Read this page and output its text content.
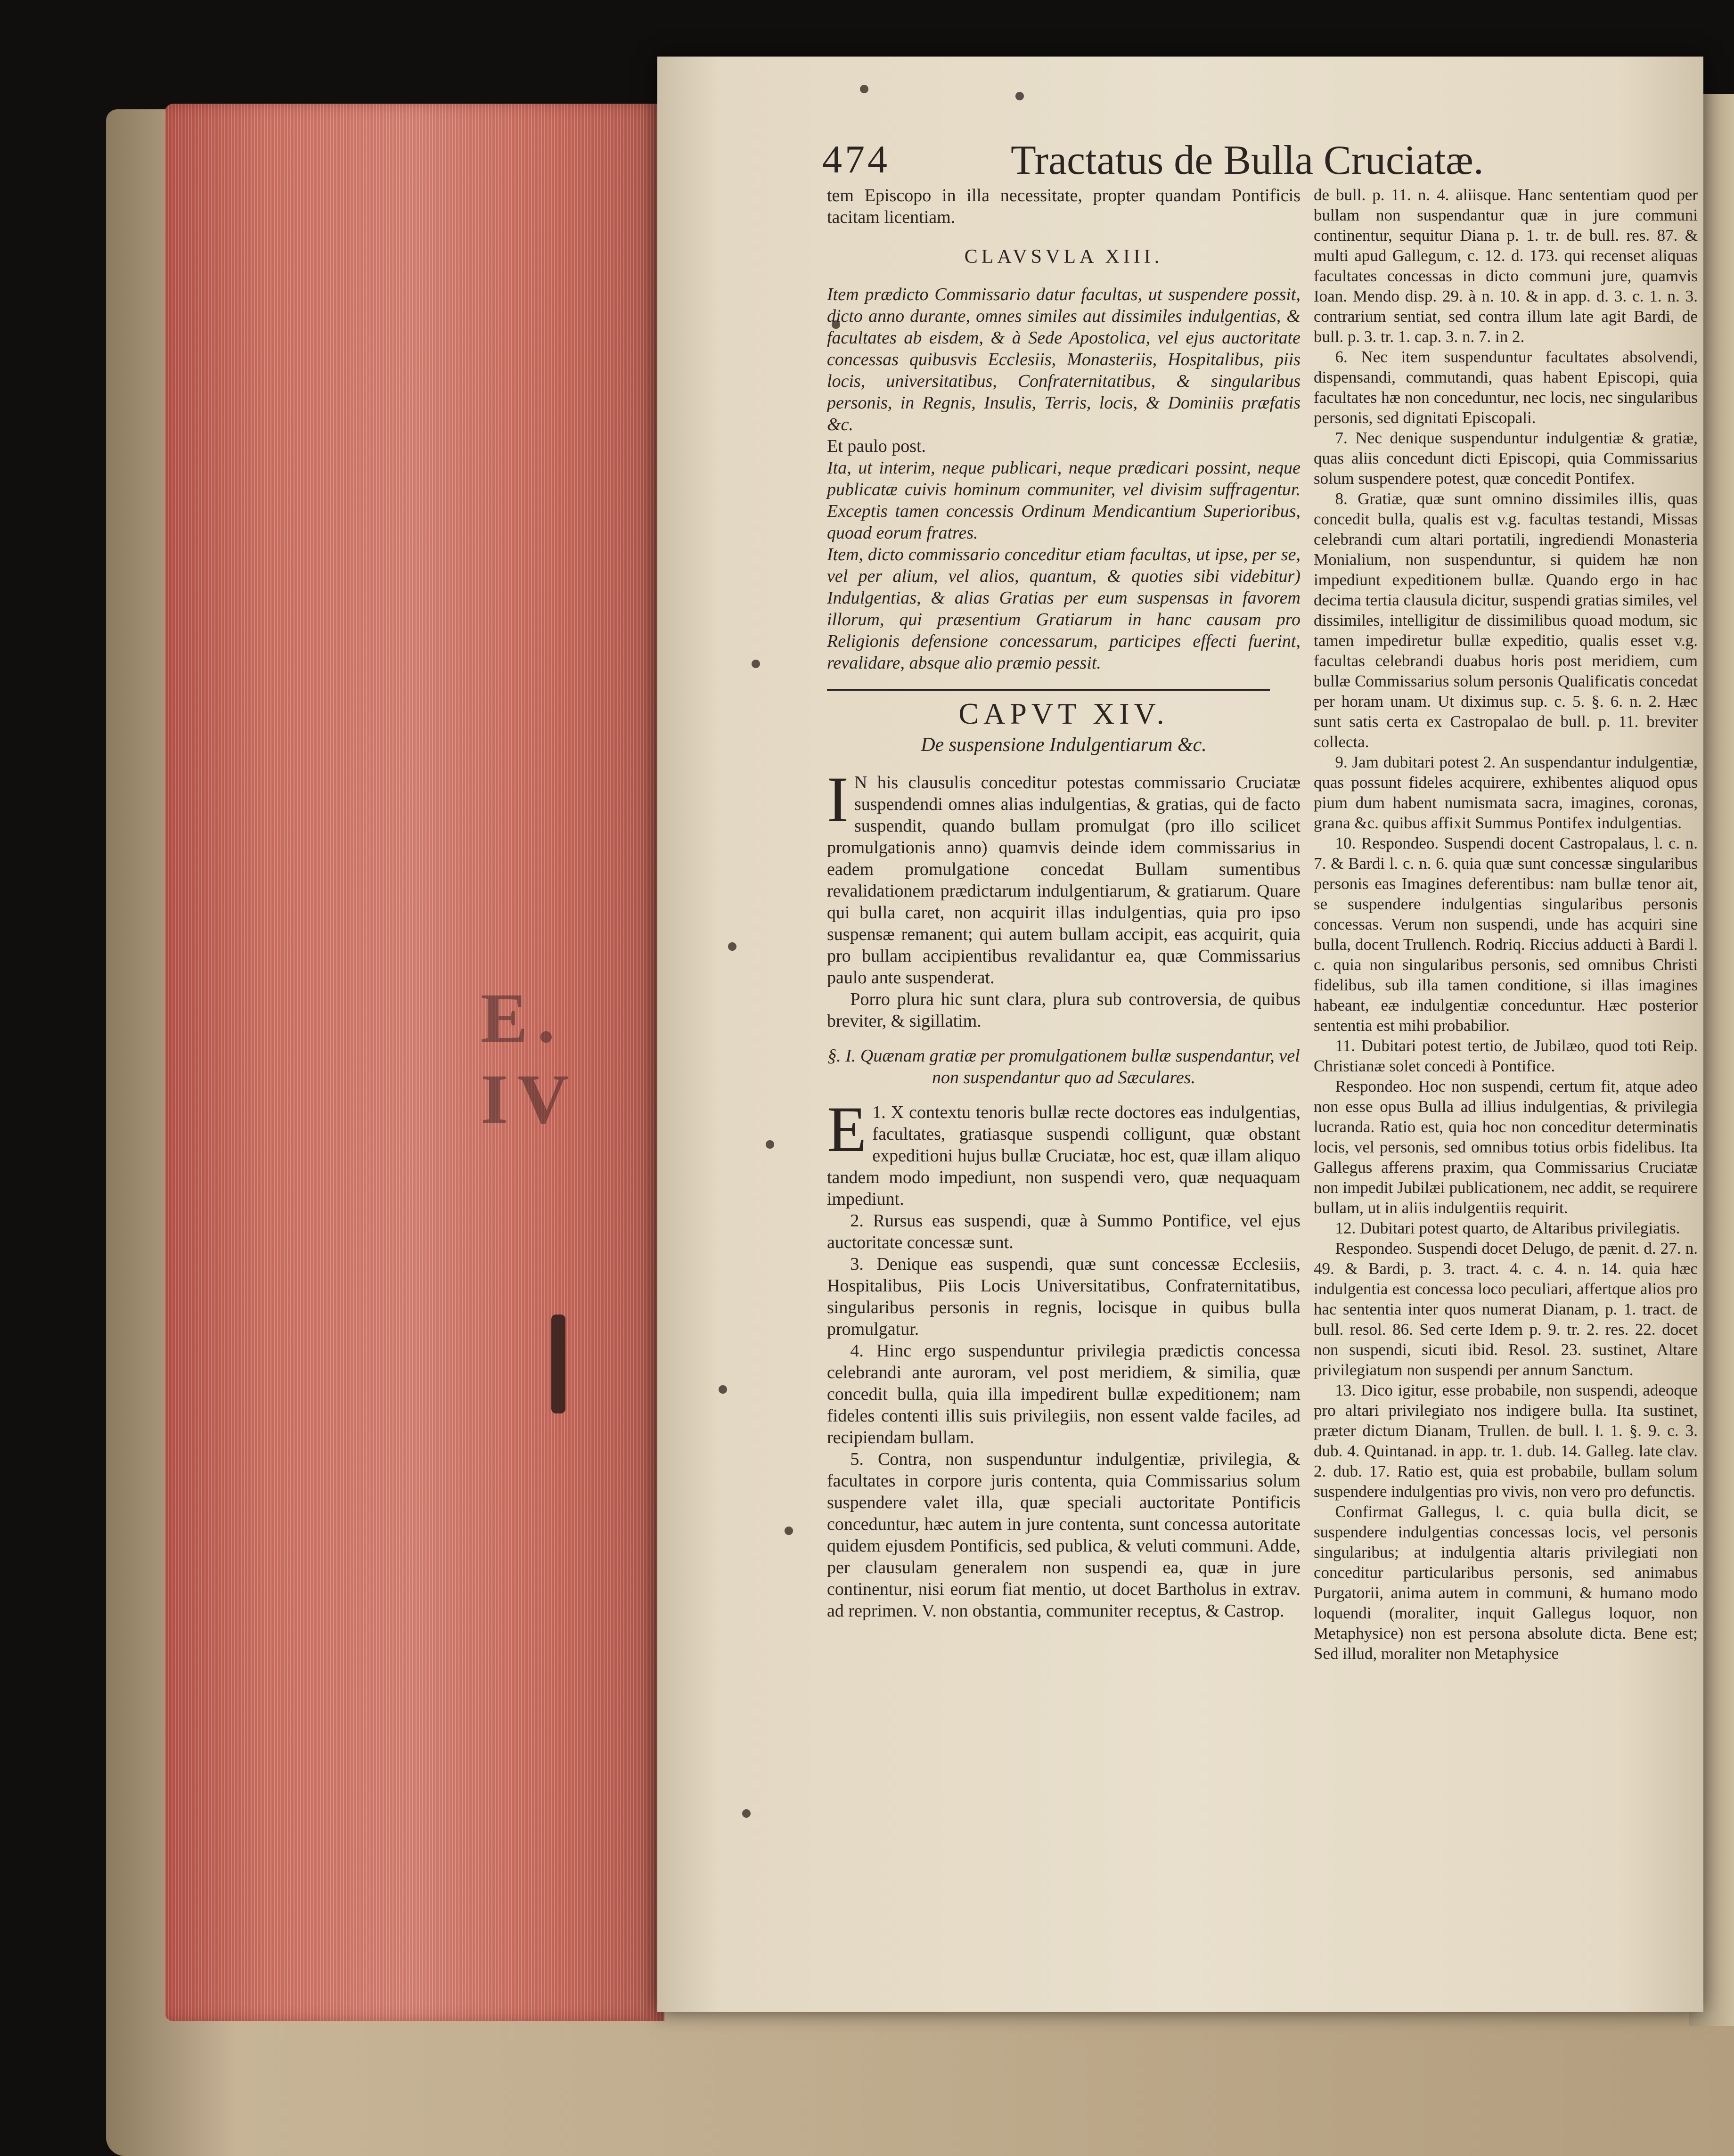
E. IV
474	Tractatus de Bulla Cruciatæ.

tem Episcopo in illa necessitate, propter quandam Pontificis tacitam licentiam.

CLAVSVLA XIII.

Item prædicto Commissario datur facultas, ut suspendere possit, dicto anno durante, omnes similes aut dissimiles indulgentias, & facultates ab eisdem, & à Sede Apostolica, vel ejus auctoritate concessas quibusvis Ecclesiis, Monasteriis, Hospitalibus, piis locis, universitatibus, Confraternitatibus, & singularibus personis, in Regnis, Insulis, Terris, locis, & Dominiis præfatis &c.

Et paulo post.

Ita, ut interim, neque publicari, neque prædicari possint, neque publicatæ cuivis hominum communiter, vel divisim suffragentur. Exceptis tamen concessis Ordinum Mendicantium Superioribus, quoad eorum fratres.

Item, dicto commissario conceditur etiam facultas, ut ipse, per se, vel per alium, vel alios, quantum, & quoties sibi videbitur) Indulgentias, & alias Gratias per eum suspensas in favorem illorum, qui præsentium Gratiarum in hanc causam pro Religionis defensione concessarum, participes effecti fuerint, revalidare, absque alio præmio pessit.

CAPVT XIV.

De suspensione Indulgentiarum &c.

I N his clausulis conceditur potestas commissario Cruciatæ suspendendi omnes alias indulgentias, & gratias, qui de facto suspendit, quando bullam promulgat (pro illo scilicet promulgationis anno) quamvis deinde idem commissarius in eadem promulgatione concedat Bullam sumentibus revalidationem prædictarum indulgentiarum, & gratiarum. Quare qui bulla caret, non acquirit illas indulgentias, quia pro ipso suspensæ remanent; qui autem bullam accipit, eas acquirit, quia pro bullam accipientibus revalidantur ea, quæ Commissarius paulo ante suspenderat.

Porro plura hic sunt clara, plura sub controversia, de quibus breviter, & sigillatim.

§. I. Quænam gratiæ per promulgationem bullæ suspendantur, vel non suspendantur quo ad Sæculares.

E 1. X contextu tenoris bullæ recte doctores eas indulgentias, facultates, gratiasque suspendi colligunt, quæ obstant expeditioni hujus bullæ Cruciatæ, hoc est, quæ illam aliquo tandem modo impediunt, non suspendi vero, quæ nequaquam impediunt.

2. Rursus eas suspendi, quæ à Summo Pontifice, vel ejus auctoritate concessæ sunt.

3. Denique eas suspendi, quæ sunt concessæ Ecclesiis, Hospitalibus, Piis Locis Universitatibus, Confraternitatibus, singularibus personis in regnis, locisque in quibus bulla promulgatur.

4. Hinc ergo suspenduntur privilegia prædictis concessa celebrandi ante auroram, vel post meridiem, & similia, quæ concedit bulla, quia illa impedirent bullæ expeditionem; nam fideles contenti illis suis privilegiis, non essent valde faciles, ad recipiendam bullam.

5. Contra, non suspenduntur indulgentiæ, privilegia, & facultates in corpore juris contenta, quia Commissarius solum suspendere valet illa, quæ speciali auctoritate Pontificis conceduntur, hæc autem in jure contenta, sunt concessa autoritate quidem ejusdem Pontificis, sed publica, & veluti communi. Adde, per clausulam generalem non suspendi ea, quæ in jure continentur, nisi eorum fiat mentio, ut docet Bartholus in extrav. ad reprimen. V. non obstantia, communiter receptus, & Castrop.

de bull. p. 11. n. 4. aliisque. Hanc sententiam quod per bullam non suspendantur quæ in jure communi continentur, sequitur Diana p. 1. tr. de bull. res. 87. & multi apud Gallegum, c. 12. d. 173. qui recenset aliquas facultates concessas in dicto communi jure, quamvis Ioan. Mendo disp. 29. à n. 10. & in app. d. 3. c. 1. n. 3. contrarium sentiat, sed contra illum late agit Bardi, de bull. p. 3. tr. 1. cap. 3. n. 7. in 2.

6. Nec item suspenduntur facultates absolvendi, dispensandi, commutandi, quas habent Episcopi, quia facultates hæ non conceduntur, nec locis, nec singularibus personis, sed dignitati Episcopali.

7. Nec denique suspenduntur indulgentiæ & gratiæ, quas aliis concedunt dicti Episcopi, quia Commissarius solum suspendere potest, quæ concedit Pontifex.

8. Gratiæ, quæ sunt omnino dissimiles illis, quas concedit bulla, qualis est v.g. facultas testandi, Missas celebrandi cum altari portatili, ingrediendi Monasteria Monialium, non suspenduntur, si quidem hæ non impediunt expeditionem bullæ. Quando ergo in hac decima tertia clausula dicitur, suspendi gratias similes, vel dissimiles, intelligitur de dissimilibus quoad modum, sic tamen impediretur bullæ expeditio, qualis esset v.g. facultas celebrandi duabus horis post meridiem, cum bullæ Commissarius solum personis Qualificatis concedat per horam unam. Ut diximus sup. c. 5. §. 6. n. 2. Hæc sunt satis certa ex Castropalao de bull. p. 11. breviter collecta.

9. Jam dubitari potest 2. An suspendantur indulgentiæ, quas possunt fideles acquirere, exhibentes aliquod opus pium dum habent numismata sacra, imagines, coronas, grana &c. quibus affixit Summus Pontifex indulgentias.

10. Respondeo. Suspendi docent Castropalaus, l. c. n. 7. & Bardi l. c. n. 6. quia quæ sunt concessæ singularibus personis eas Imagines deferentibus: nam bullæ tenor ait, se suspendere indulgentias singularibus personis concessas. Verum non suspendi, unde has acquiri sine bulla, docent Trullench. Rodriq. Riccius adducti à Bardi l. c. quia non singularibus personis, sed omnibus Christi fidelibus, sub illa tamen conditione, si illas imagines habeant, eæ indulgentiæ conceduntur. Hæc posterior sententia est mihi probabilior.

11. Dubitari potest tertio, de Jubilæo, quod toti Reip. Christianæ solet concedi à Pontifice.

Respondeo. Hoc non suspendi, certum fit, atque adeo non esse opus Bulla ad illius indulgentias, & privilegia lucranda. Ratio est, quia hoc non conceditur determinatis locis, vel personis, sed omnibus totius orbis fidelibus. Ita Gallegus afferens praxim, qua Commissarius Cruciatæ non impedit Jubilæi publicationem, nec addit, se requirere bullam, ut in aliis indulgentiis requirit.

12. Dubitari potest quarto, de Altaribus privilegiatis.

Respondeo. Suspendi docet Delugo, de pænit. d. 27. n. 49. & Bardi, p. 3. tract. 4. c. 4. n. 14. quia hæc indulgentia est concessa loco peculiari, affertque alios pro hac sententia inter quos numerat Dianam, p. 1. tract. de bull. resol. 86. Sed certe Idem p. 9. tr. 2. res. 22. docet non suspendi, sicuti ibid. Resol. 23. sustinet, Altare privilegiatum non suspendi per annum Sanctum.

13. Dico igitur, esse probabile, non suspendi, adeoque pro altari privilegiato nos indigere bulla. Ita sustinet, præter dictum Dianam, Trullen. de bull. l. 1. §. 9. c. 3. dub. 4. Quintanad. in app. tr. 1. dub. 14. Galleg. late clav. 2. dub. 17. Ratio est, quia est probabile, bullam solum suspendere indulgentias pro vivis, non vero pro defunctis.

Confirmat Gallegus, l. c. quia bulla dicit, se suspendere indulgentias concessas locis, vel personis singularibus; at indulgentia altaris privilegiati non conceditur particularibus personis, sed animabus Purgatorii, anima autem in communi, & humano modo loquendi (moraliter, inquit Gallegus loquor, non Metaphysice) non est persona absolute dicta. Bene est; Sed illud, moraliter non Metaphysice
